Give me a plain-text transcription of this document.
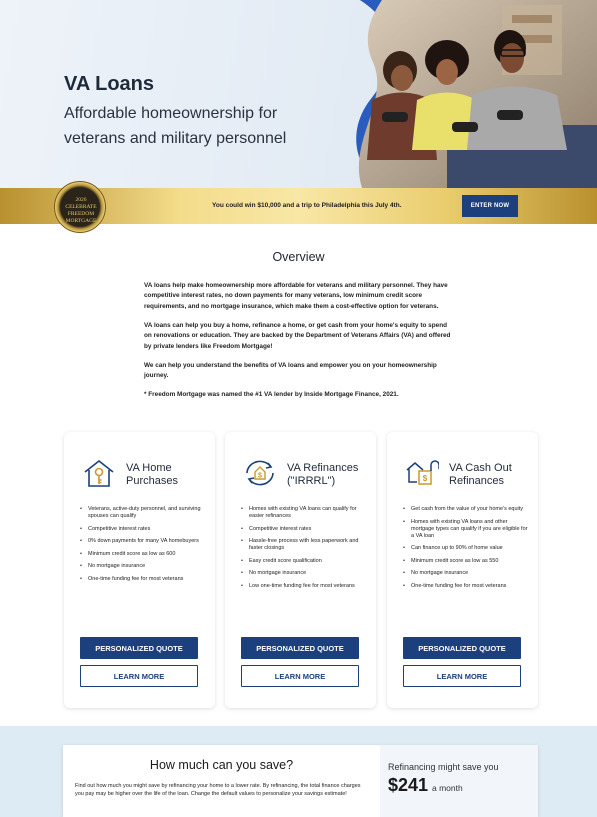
VA Loans
Affordable homeownership for veterans and military personnel
2026
CELEBRATE
FREEDOM
MORTGAGE
You could win $10,000 and a trip to Philadelphia this July 4th.	ENTER NOW
Overview
VA loans help make homeownership more affordable for veterans and military personnel. They have competitive interest rates, no down payments for many veterans, low minimum credit score requirements, and no mortgage insurance, which make them a cost-effective option for veterans.
VA loans can help you buy a home, refinance a home, or get cash from your home's equity to spend on renovations or education. They are backed by the Department of Veterans Affairs (VA) and offered by private lenders like Freedom Mortgage!
We can help you understand the benefits of VA loans and empower you on your homeownership journey.
* Freedom Mortgage was named the #1 VA lender by Inside Mortgage Finance, 2021.
VA Home Purchases
• Veterans, active-duty personnel, and surviving spouses can qualify
• Competitive interest rates
• 0% down payments for many VA homebuyers
• Minimum credit score as low as 600
• No mortgage insurance
• One-time funding fee for most veterans
PERSONALIZED QUOTE
LEARN MORE
$
VA Refinances ("IRRRL")
• Homes with existing VA loans can qualify for easier refinances
• Competitive interest rates
• Hassle-free process with less paperwork and faster closings
• Easy credit score qualification
• No mortgage insurance
• Low one-time funding fee for most veterans
PERSONALIZED QUOTE
LEARN MORE
$
VA Cash Out Refinances
• Get cash from the value of your home's equity
• Homes with existing VA loans and other mortgage types can qualify if you are eligible for a VA loan
• Can finance up to 90% of home value
• Minimum credit score as low as 550
• No mortgage insurance
• One-time funding fee for most veterans
PERSONALIZED QUOTE
LEARN MORE
How much can you save?
Find out how much you might save by refinancing your home to a lower rate. By refinancing, the total finance charges you pay may be higher over the life of the loan. Change the default values to personalize your savings estimate!
Refinancing might save you
$241 a month
